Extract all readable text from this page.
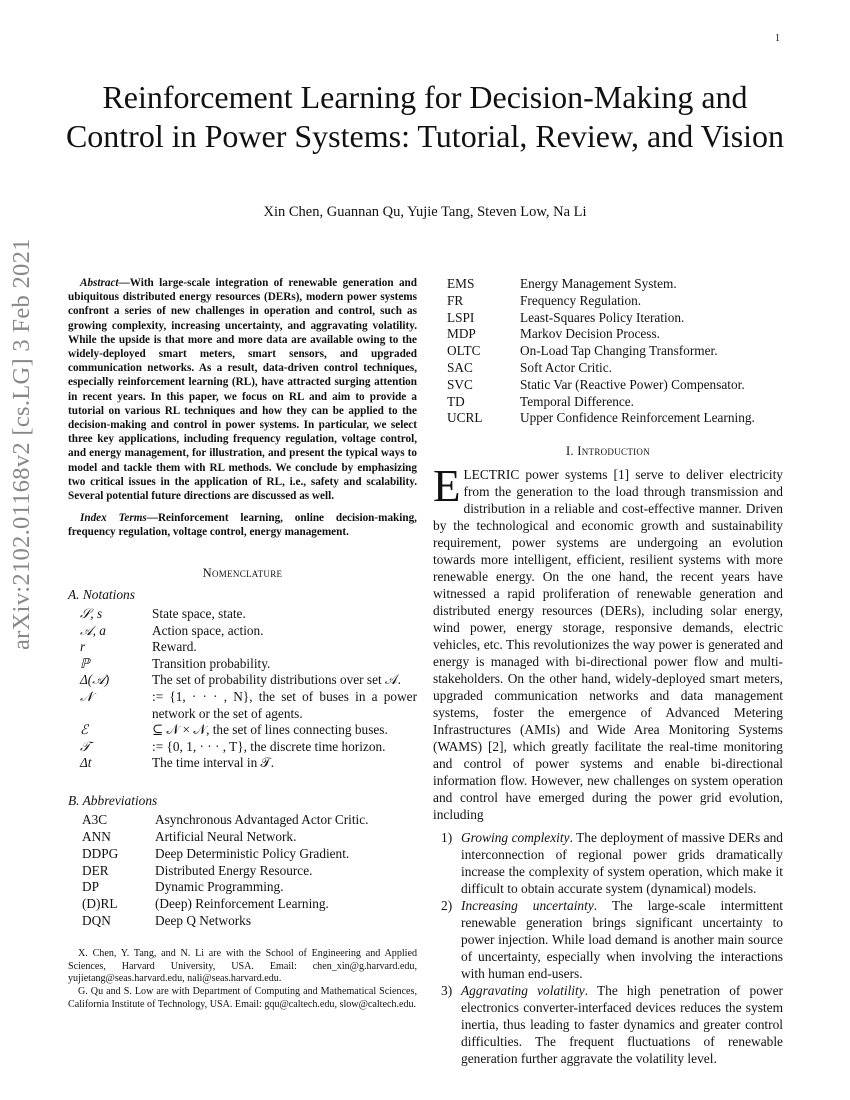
1
arXiv:2102.01168v2 [cs.LG] 3 Feb 2021
Reinforcement Learning for Decision-Making and Control in Power Systems: Tutorial, Review, and Vision
Xin Chen, Guannan Qu, Yujie Tang, Steven Low, Na Li

Abstract—With large-scale integration of renewable generation and ubiquitous distributed energy resources (DERs), modern power systems confront a series of new challenges in operation and control, such as growing complexity, increasing uncertainty, and aggravating volatility. While the upside is that more and more data are available owing to the widely-deployed smart meters, smart sensors, and upgraded communication networks. As a result, data-driven control techniques, especially reinforcement learning (RL), have attracted surging attention in recent years. In this paper, we focus on RL and aim to provide a tutorial on various RL techniques and how they can be applied to the decision-making and control in power systems. In particular, we select three key applications, including frequency regulation, voltage control, and energy management, for illustration, and present the typical ways to model and tackle them with RL methods. We conclude by emphasizing two critical issues in the application of RL, i.e., safety and scalability. Several potential future directions are discussed as well.

Index Terms—Reinforcement learning, online decision-making, frequency regulation, voltage control, energy management.

Nomenclature

A. Notations
𝒮, s	State space, state.
𝒜, a	Action space, action.
r	Reward.
ℙ	Transition probability.
Δ(𝒜)	The set of probability distributions over set 𝒜.
𝒩	:= {1, · · · , N}, the set of buses in a power network or the set of agents.
ℰ	⊆ 𝒩 × 𝒩, the set of lines connecting buses.
𝒯	:= {0, 1, · · · , T}, the discrete time horizon.
Δt	The time interval in 𝒯.
B. Abbreviations
A3C	Asynchronous Advantaged Actor Critic.
ANN	Artificial Neural Network.
DDPG	Deep Deterministic Policy Gradient.
DER	Distributed Energy Resource.
DP	Dynamic Programming.
(D)RL	(Deep) Reinforcement Learning.
DQN	Deep Q Networks

X. Chen, Y. Tang, and N. Li are with the School of Engineering and Applied Sciences, Harvard University, USA. Email: chen_xin@g.harvard.edu, yujietang@seas.harvard.edu, nali@seas.harvard.edu.

G. Qu and S. Low are with Department of Computing and Mathematical Sciences, California Institute of Technology, USA. Email: gqu@caltech.edu, slow@caltech.edu.

EMS	Energy Management System.
FR	Frequency Regulation.
LSPI	Least-Squares Policy Iteration.
MDP	Markov Decision Process.
OLTC	On-Load Tap Changing Transformer.
SAC	Soft Actor Critic.
SVC	Static Var (Reactive Power) Compensator.
TD	Temporal Difference.
UCRL	Upper Confidence Reinforcement Learning.

I. Introduction

ELECTRIC power systems [1] serve to deliver electricity from the generation to the load through transmission and distribution in a reliable and cost-effective manner. Driven by the technological and economic growth and sustainability requirement, power systems are undergoing an evolution towards more intelligent, efficient, resilient systems with more renewable energy. On the one hand, the recent years have witnessed a rapid proliferation of renewable generation and distributed energy resources (DERs), including solar energy, wind power, energy storage, responsive demands, electric vehicles, etc. This revolutionizes the way power is generated and energy is managed with bi-directional power flow and multi-stakeholders. On the other hand, widely-deployed smart meters, upgraded communication networks and data management systems, foster the emergence of Advanced Metering Infrastructures (AMIs) and Wide Area Monitoring Systems (WAMS) [2], which greatly facilitate the real-time monitoring and control of power systems and enable bi-directional information flow. However, new challenges on system operation and control have emerged during the power grid evolution, including

1) Growing complexity. The deployment of massive DERs and interconnection of regional power grids dramatically increase the complexity of system operation, which make it difficult to obtain accurate system (dynamical) models.
2) Increasing uncertainty. The large-scale intermittent renewable generation brings significant uncertainty to power injection. While load demand is another main source of uncertainty, especially when involving the interactions with human end-users.
3) Aggravating volatility. The high penetration of power electronics converter-interfaced devices reduces the system inertia, thus leading to faster dynamics and greater control difficulties. The frequent fluctuations of renewable generation further aggravate the volatility level.
